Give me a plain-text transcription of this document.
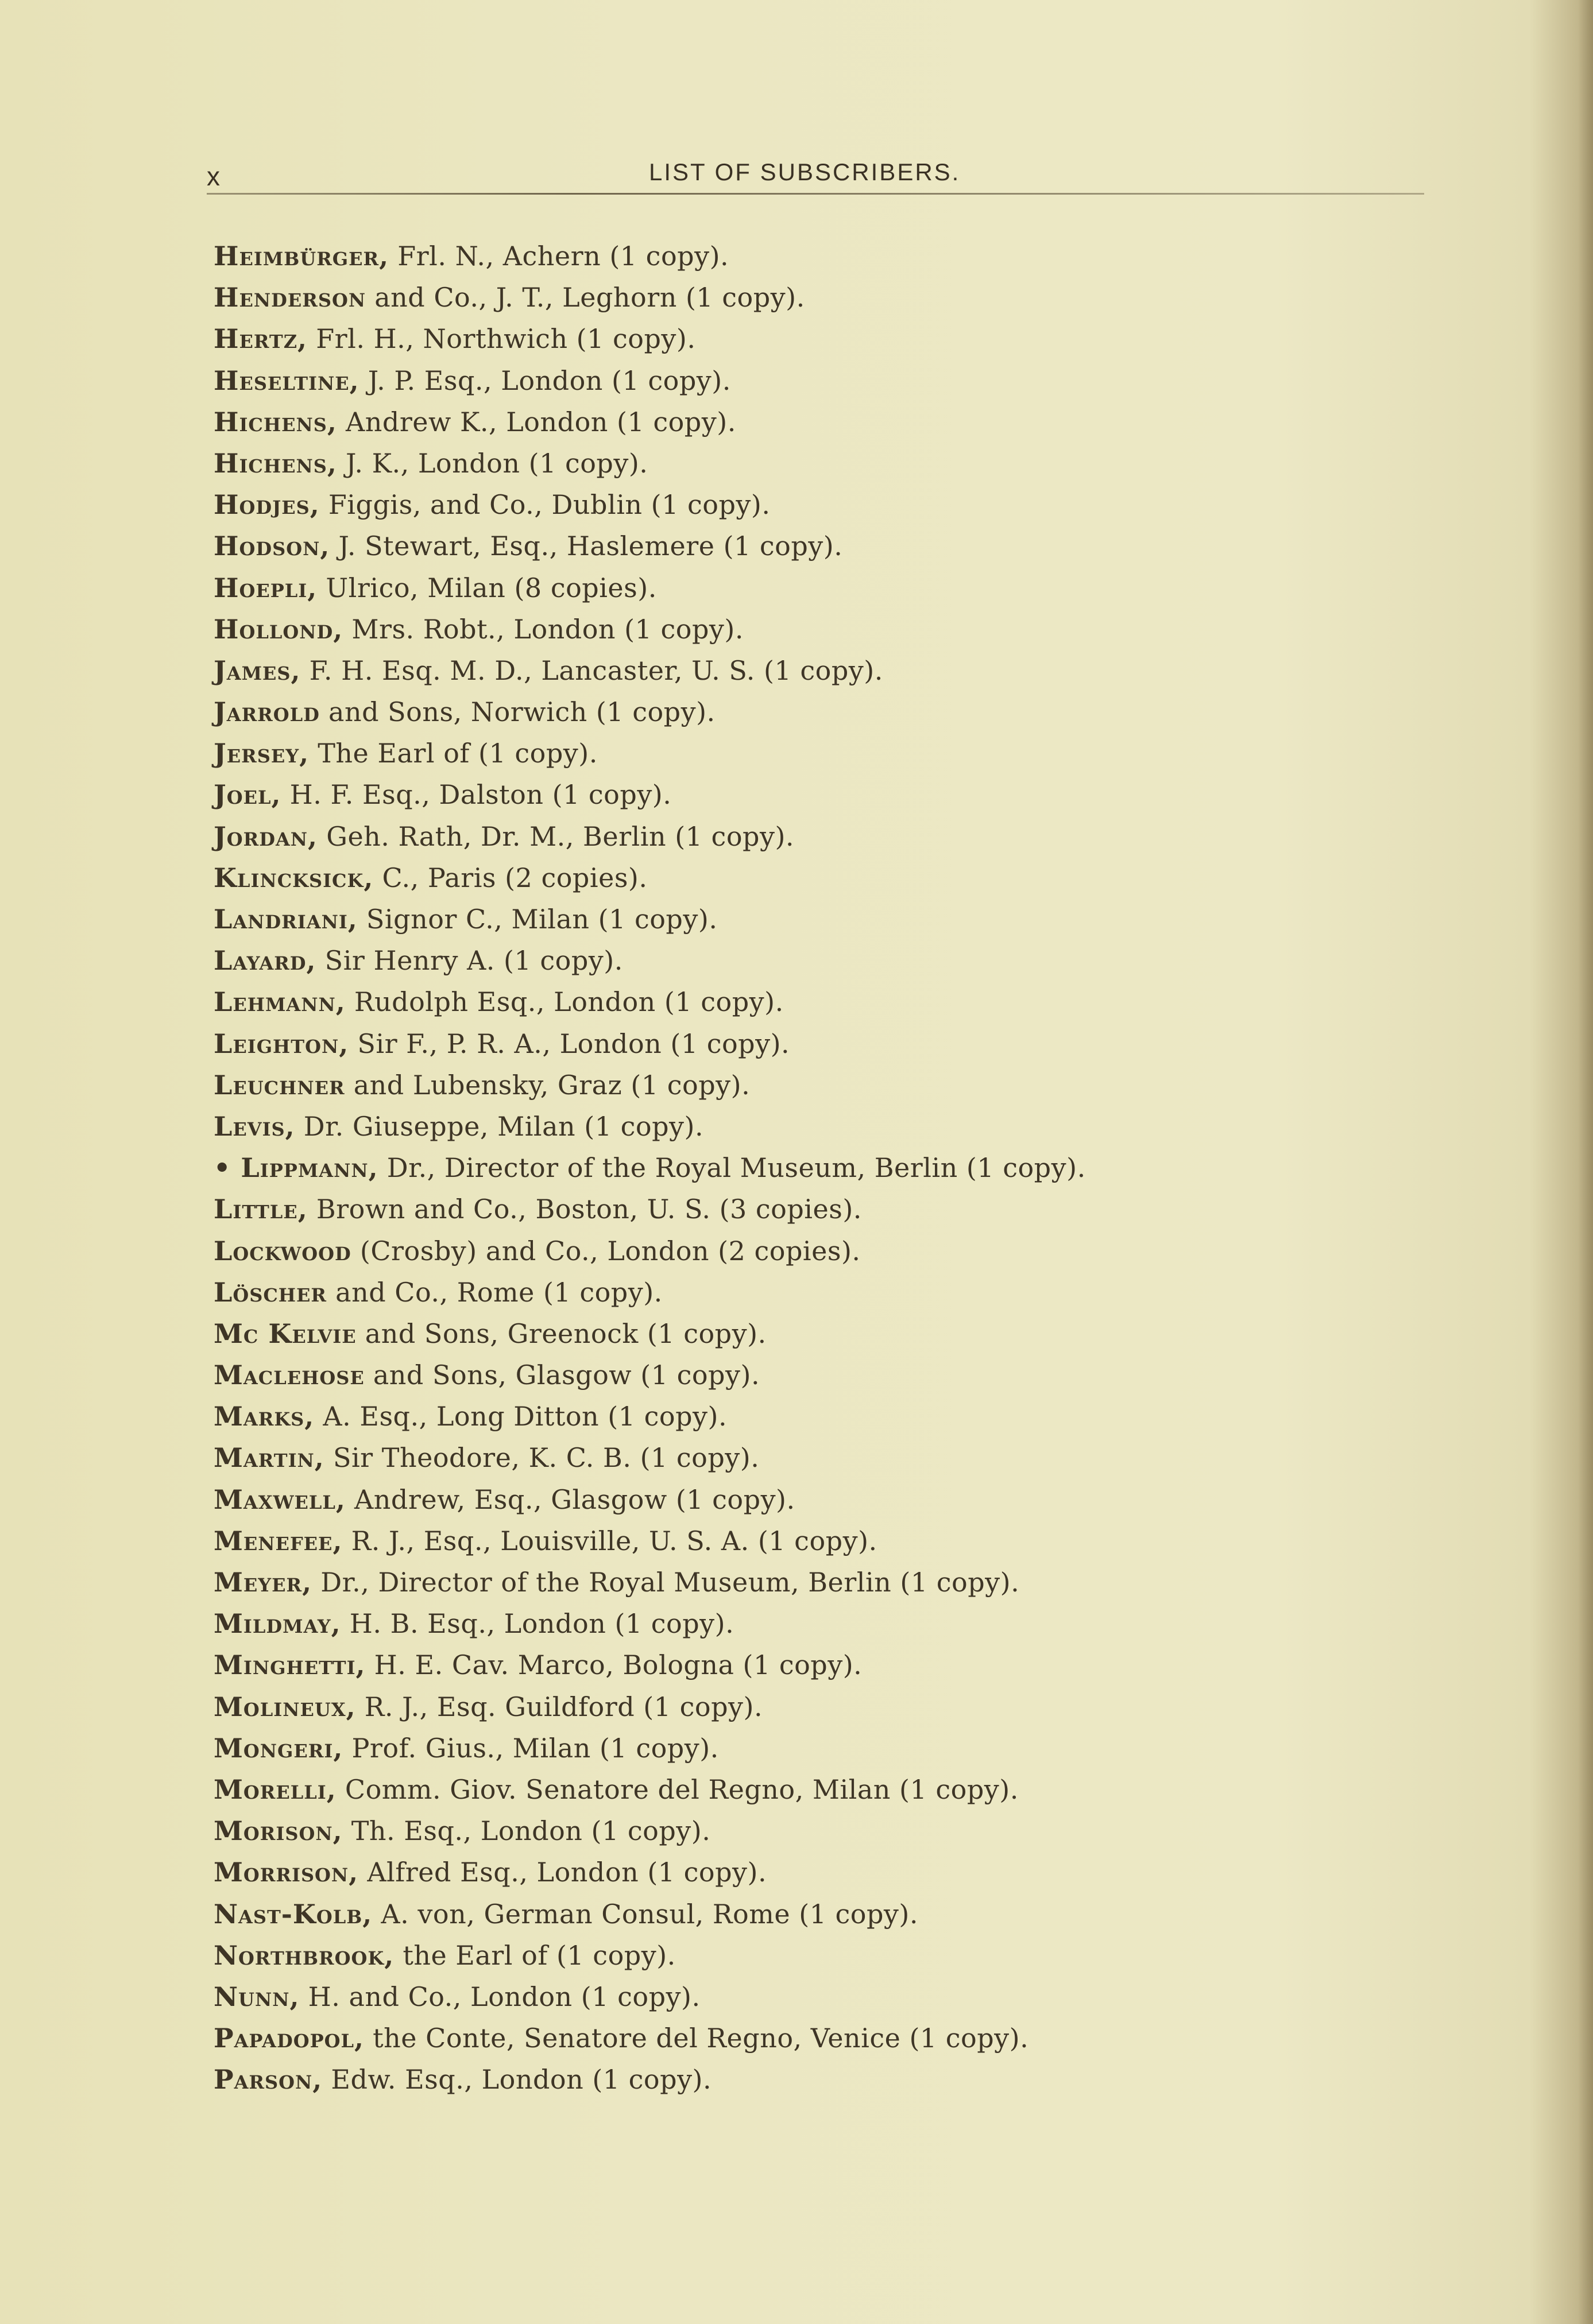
x	LIST OF SUBSCRIBERS.
Heimbürger, Frl. N., Achern (1 copy).
Henderson and Co., J. T., Leghorn (1 copy).
Hertz, Frl. H., Northwich (1 copy).
Heseltine, J. P. Esq., London (1 copy).
Hichens, Andrew K., London (1 copy).
Hichens, J. K., London (1 copy).
Hodjes, Figgis, and Co., Dublin (1 copy).
Hodson, J. Stewart, Esq., Haslemere (1 copy).
Hoepli, Ulrico, Milan (8 copies).
Hollond, Mrs. Robt., London (1 copy).
James, F. H. Esq. M. D., Lancaster, U. S. (1 copy).
Jarrold and Sons, Norwich (1 copy).
Jersey, The Earl of (1 copy).
Joel, H. F. Esq., Dalston (1 copy).
Jordan, Geh. Rath, Dr. M., Berlin (1 copy).
Klincksick, C., Paris (2 copies).
Landriani, Signor C., Milan (1 copy).
Layard, Sir Henry A. (1 copy).
Lehmann, Rudolph Esq., London (1 copy).
Leighton, Sir F., P. R. A., London (1 copy).
Leuchner and Lubensky, Graz (1 copy).
Levis, Dr. Giuseppe, Milan (1 copy).
• Lippmann, Dr., Director of the Royal Museum, Berlin (1 copy).
Little, Brown and Co., Boston, U. S. (3 copies).
Lockwood (Crosby) and Co., London (2 copies).
Löscher and Co., Rome (1 copy).
Mc Kelvie and Sons, Greenock (1 copy).
Maclehose and Sons, Glasgow (1 copy).
Marks, A. Esq., Long Ditton (1 copy).
Martin, Sir Theodore, K. C. B. (1 copy).
Maxwell, Andrew, Esq., Glasgow (1 copy).
Menefee, R. J., Esq., Louisville, U. S. A. (1 copy).
Meyer, Dr., Director of the Royal Museum, Berlin (1 copy).
Mildmay, H. B. Esq., London (1 copy).
Minghetti, H. E. Cav. Marco, Bologna (1 copy).
Molineux, R. J., Esq. Guildford (1 copy).
Mongeri, Prof. Gius., Milan (1 copy).
Morelli, Comm. Giov. Senatore del Regno, Milan (1 copy).
Morison, Th. Esq., London (1 copy).
Morrison, Alfred Esq., London (1 copy).
Nast-Kolb, A. von, German Consul, Rome (1 copy).
Northbrook, the Earl of (1 copy).
Nunn, H. and Co., London (1 copy).
Papadopol, the Conte, Senatore del Regno, Venice (1 copy).
Parson, Edw. Esq., London (1 copy).
